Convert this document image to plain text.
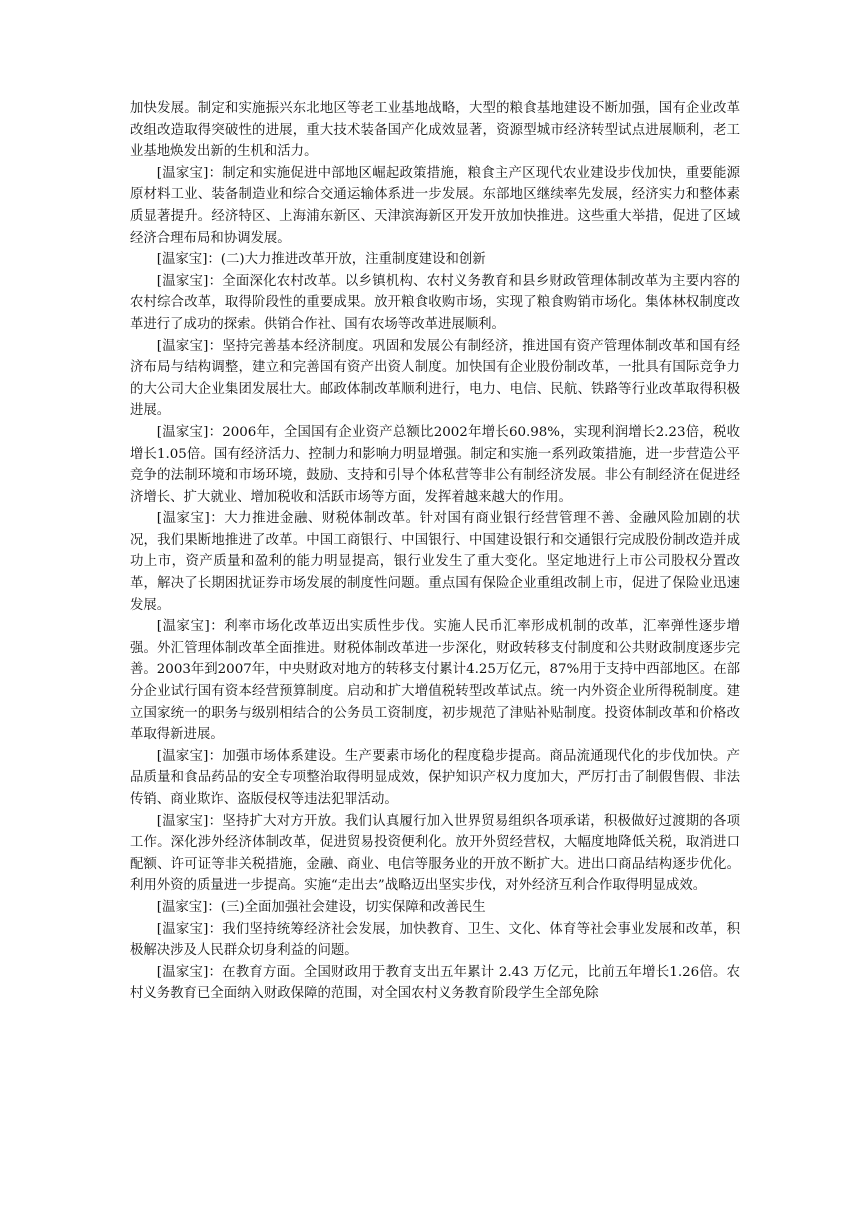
加快发展。制定和实施振兴东北地区等老工业基地战略，大型的粮食基地建设不断加强，国有企业改革改组改造取得突破性的进展，重大技术装备国产化成效显著，资源型城市经济转型试点进展顺利，老工业基地焕发出新的生机和活力。

[温家宝]：制定和实施促进中部地区崛起政策措施，粮食主产区现代农业建设步伐加快，重要能源原材料工业、装备制造业和综合交通运输体系进一步发展。东部地区继续率先发展，经济实力和整体素质显著提升。经济特区、上海浦东新区、天津滨海新区开发开放加快推进。这些重大举措，促进了区域经济合理布局和协调发展。

[温家宝]：(二)大力推进改革开放，注重制度建设和创新

[温家宝]：全面深化农村改革。以乡镇机构、农村义务教育和县乡财政管理体制改革为主要内容的农村综合改革，取得阶段性的重要成果。放开粮食收购市场，实现了粮食购销市场化。集体林权制度改革进行了成功的探索。供销合作社、国有农场等改革进展顺利。

[温家宝]：坚持完善基本经济制度。巩固和发展公有制经济，推进国有资产管理体制改革和国有经济布局与结构调整，建立和完善国有资产出资人制度。加快国有企业股份制改革，一批具有国际竞争力的大公司大企业集团发展壮大。邮政体制改革顺利进行，电力、电信、民航、铁路等行业改革取得积极进展。

[温家宝]：2006年，全国国有企业资产总额比2002年增长60.98%，实现利润增长2.23倍，税收增长1.05倍。国有经济活力、控制力和影响力明显增强。制定和实施一系列政策措施，进一步营造公平竞争的法制环境和市场环境，鼓励、支持和引导个体私营等非公有制经济发展。非公有制经济在促进经济增长、扩大就业、增加税收和活跃市场等方面，发挥着越来越大的作用。

[温家宝]：大力推进金融、财税体制改革。针对国有商业银行经营管理不善、金融风险加剧的状况，我们果断地推进了改革。中国工商银行、中国银行、中国建设银行和交通银行完成股份制改造并成功上市，资产质量和盈利的能力明显提高，银行业发生了重大变化。坚定地进行上市公司股权分置改革，解决了长期困扰证券市场发展的制度性问题。重点国有保险企业重组改制上市，促进了保险业迅速发展。

[温家宝]：利率市场化改革迈出实质性步伐。实施人民币汇率形成机制的改革，汇率弹性逐步增强。外汇管理体制改革全面推进。财税体制改革进一步深化，财政转移支付制度和公共财政制度逐步完善。2003年到2007年，中央财政对地方的转移支付累计4.25万亿元，87%用于支持中西部地区。在部分企业试行国有资本经营预算制度。启动和扩大增值税转型改革试点。统一内外资企业所得税制度。建立国家统一的职务与级别相结合的公务员工资制度，初步规范了津贴补贴制度。投资体制改革和价格改革取得新进展。

[温家宝]：加强市场体系建设。生产要素市场化的程度稳步提高。商品流通现代化的步伐加快。产品质量和食品药品的安全专项整治取得明显成效，保护知识产权力度加大，严厉打击了制假售假、非法传销、商业欺诈、盗版侵权等违法犯罪活动。

[温家宝]：坚持扩大对方开放。我们认真履行加入世界贸易组织各项承诺，积极做好过渡期的各项工作。深化涉外经济体制改革，促进贸易投资便利化。放开外贸经营权，大幅度地降低关税，取消进口配额、许可证等非关税措施，金融、商业、电信等服务业的开放不断扩大。进出口商品结构逐步优化。利用外资的质量进一步提高。实施“走出去”战略迈出坚实步伐，对外经济互利合作取得明显成效。

[温家宝]：(三)全面加强社会建设，切实保障和改善民生

[温家宝]：我们坚持统筹经济社会发展，加快教育、卫生、文化、体育等社会事业发展和改革，积极解决涉及人民群众切身利益的问题。

[温家宝]：在教育方面。全国财政用于教育支出五年累计 2.43 万亿元，比前五年增长1.26倍。农村义务教育已全面纳入财政保障的范围，对全国农村义务教育阶段学生全部免除
